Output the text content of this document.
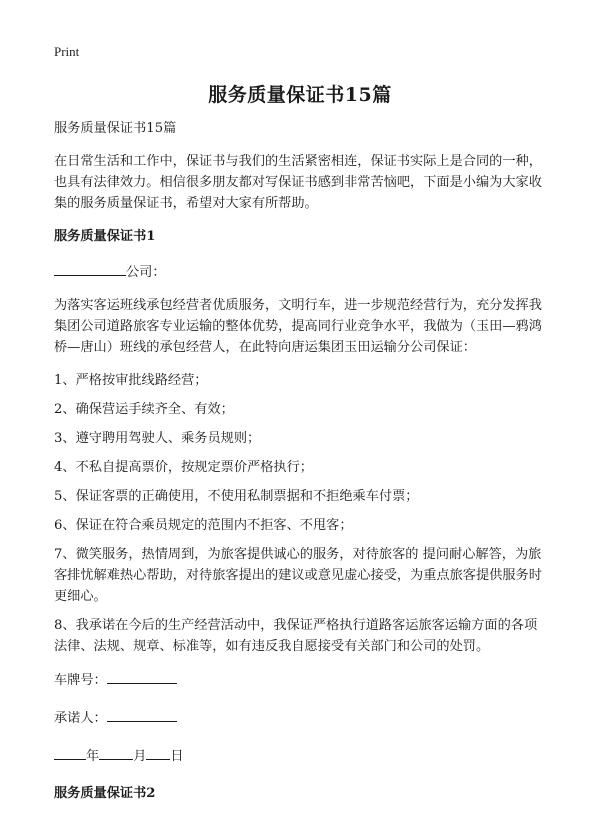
Print
服务质量保证书15篇

服务质量保证书15篇

在日常生活和工作中，保证书与我们的生活紧密相连，保证书实际上是合同的一种，也具有法律效力。相信很多朋友都对写保证书感到非常苦恼吧，下面是小编为大家收集的服务质量保证书，希望对大家有所帮助。

服务质量保证书1

公司：

为落实客运班线承包经营者优质服务，文明行车，进一步规范经营行为，充分发挥我集团公司道路旅客专业运输的整体优势，提高同行业竞争水平，我做为（玉田—鸦鸿桥—唐山）班线的承包经营人，在此特向唐运集团玉田运输分公司保证：

1、严格按审批线路经营；

2、确保营运手续齐全、有效；

3、遵守聘用驾驶人、乘务员规则；

4、不私自提高票价，按规定票价严格执行；

5、保证客票的正确使用，不使用私制票据和不拒绝乘车付票；

6、保证在符合乘员规定的范围内不拒客、不甩客；

7、微笑服务，热情周到，为旅客提供诚心的服务，对待旅客的 提问耐心解答，为旅客排忧解难热心帮助，对待旅客提出的建议或意见虚心接受，为重点旅客提供服务时更细心。

8、我承诺在今后的生产经营活动中，我保证严格执行道路客运旅客运输方面的各项法律、法规、规章、标准等，如有违反我自愿接受有关部门和公司的处罚。

车牌号：

承诺人：

年	月 日

服务质量保证书2
